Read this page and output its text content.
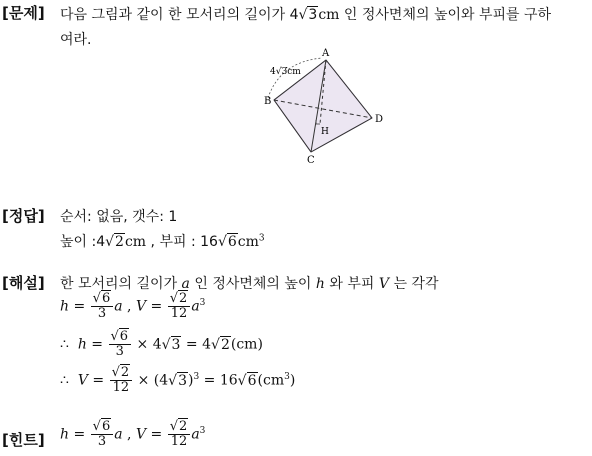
[문제] 다음 그림과 같이 한 모서리의 길이가 4√3cm 인 정사면체의 높이와 부피를 구하
여라.
A
B
C
D
H
4√3cm
[정답] 순서: 없음, 갯수: 1
높이 :4√2cm , 부피 : $16√6cm^3$
[해설] 한 모서리의 길이가 a 인 정사면체의 높이 h 와 부피 V 는 각각
$h = \frac{√6}{3}$ a , $V = \frac{√2}{12} a^3$
∴ $h = \frac{√6}{3} \times 4√3 = 4√2(cm)$
∴ $V = \frac{√2}{12} \times (4√3)^3 = 16√6(cm^3)$
[힌트] $h = \frac{√6}{3}$ a , $V = \frac{√2}{12} a^3$
